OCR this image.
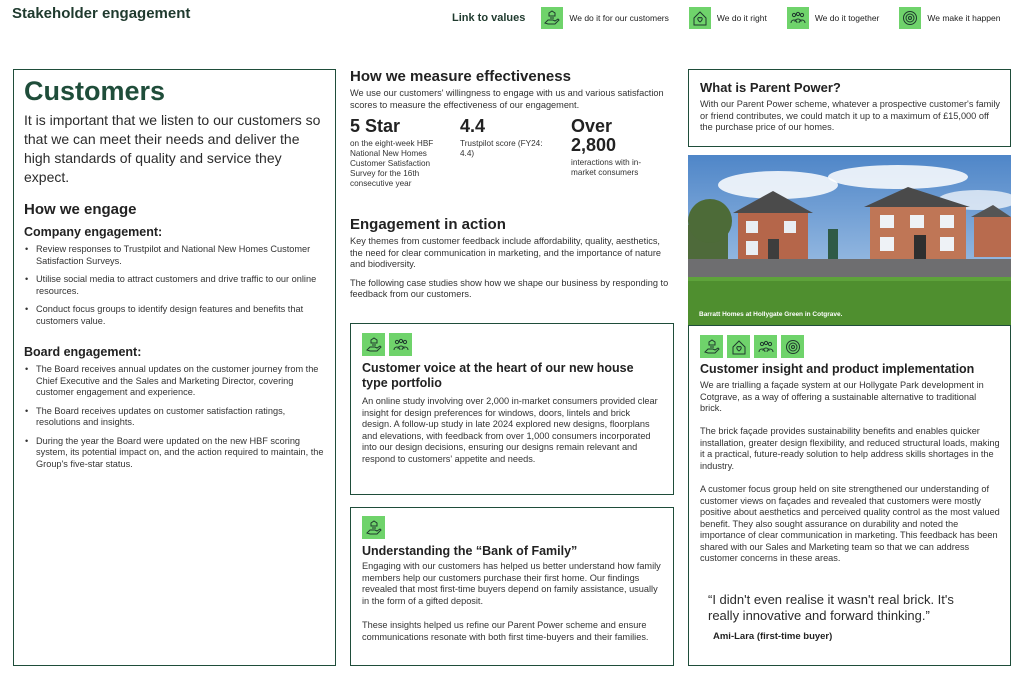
Stakeholder engagement	Link to values	We do it for our customers	We do it right	We do it together	We make it happen
Customers
It is important that we listen to our customers so that we can meet their needs and deliver the high standards of quality and service they expect.
How we engage
Company engagement:
• Review responses to Trustpilot and National New Homes Customer Satisfaction Surveys.
• Utilise social media to attract customers and drive traffic to our online resources.
• Conduct focus groups to identify design features and benefits that customers value.
Board engagement:
• The Board receives annual updates on the customer journey from the Chief Executive and the Sales and Marketing Director, covering customer engagement and experience.
• The Board receives updates on customer satisfaction ratings, resolutions and insights.
• During the year the Board were updated on the new HBF scoring system, its potential impact on, and the action required to maintain, the Group's five-star status.
How we measure effectiveness

We use our customers' willingness to engage with us and various satisfaction scores to measure the effectiveness of our engagement.

5 Star
on the eight-week HBF National New Homes Customer Satisfaction Survey for the 16th consecutive year
4.4
Trustpilot score (FY24: 4.4)
Over 2,800
interactions with in-market consumers
Engagement in action

Key themes from customer feedback include affordability, quality, aesthetics, the need for clear communication in marketing, and the importance of nature and biodiversity.

The following case studies show how we shape our business by responding to feedback from our customers.

Customer voice at the heart of our new house type portfolio

An online study involving over 2,000 in-market consumers provided clear insight for design preferences for windows, doors, lintels and brick design. A follow-up study in late 2024 explored new designs, floorplans and elevations, with feedback from over 1,000 consumers incorporated into our design decisions, ensuring our designs remain relevant and respond to customers' appetite and needs.

Understanding the “Bank of Family”

Engaging with our customers has helped us better understand how family members help our customers purchase their first home. Our findings revealed that most first-time buyers depend on family assistance, usually in the form of a gifted deposit.

These insights helped us refine our Parent Power scheme and ensure communications resonate with both first time-buyers and their families.

What is Parent Power?

With our Parent Power scheme, whatever a prospective customer's family or friend contributes, we could match it up to a maximum of £15,000 off the purchase price of our homes.

Barratt Homes at Hollygate Green in Cotgrave.
Customer insight and product implementation

We are trialling a façade system at our Hollygate Park development in Cotgrave, as a way of offering a sustainable alternative to traditional brick.

The brick façade provides sustainability benefits and enables quicker installation, greater design flexibility, and reduced structural loads, making it a practical, future-ready solution to help address skills shortages in the industry.

A customer focus group held on site strengthened our understanding of customer views on façades and revealed that customers were mostly positive about aesthetics and perceived quality control as the most valued benefit. They also sought assurance on durability and noted the importance of clear communication in marketing. This feedback has been shared with our Sales and Marketing team so that we can address customer concerns in these areas.

“I didn't even realise it wasn't real brick. It's really innovative and forward thinking.”
Ami-Lara (first-time buyer)
